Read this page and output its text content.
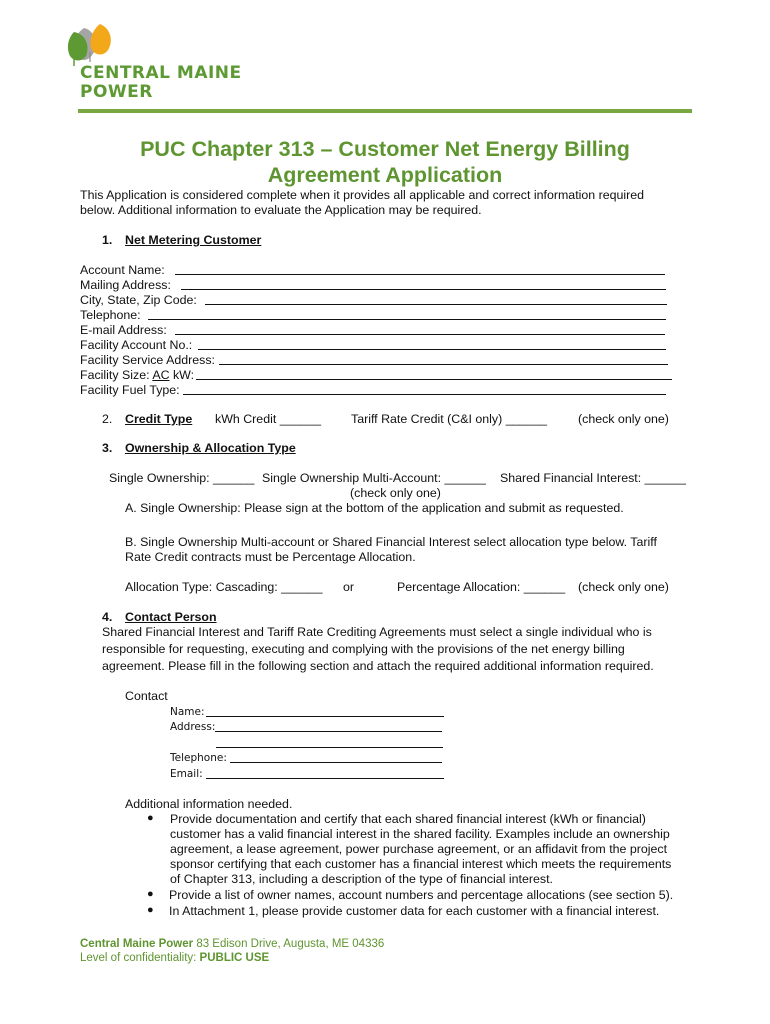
CENTRAL MAINE
POWER
PUC Chapter 313 – Customer Net Energy Billing
Agreement Application
This Application is considered complete when it provides all applicable and correct information required
below. Additional information to evaluate the Application may be required.
1. Net Metering Customer
Account Name:
Mailing Address:
City, State, Zip Code:
Telephone:
E-mail Address:
Facility Account No.:
Facility Service Address:
Facility Size: AC kW:
Facility Fuel Type:
2. Credit Type kWh Credit ______ Tariff Rate Credit (C&I only) ______ (check only one)
3. Ownership & Allocation Type
Single Ownership: ______ Single Ownership Multi-Account: ______ Shared Financial Interest: ______
(check only one)
A. Single Ownership: Please sign at the bottom of the application and submit as requested.
B. Single Ownership Multi-account or Shared Financial Interest select allocation type below. Tariff
Rate Credit contracts must be Percentage Allocation.
Allocation Type: Cascading: ______ or	Percentage Allocation: ______ (check only one)
4. Contact Person
Shared Financial Interest and Tariff Rate Crediting Agreements must select a single individual who is
responsible for requesting, executing and complying with the provisions of the net energy billing
agreement. Please fill in the following section and attach the required additional information required.
Contact
Name:
Address:
Telephone:
Email:
Additional information needed.
● Provide documentation and certify that each shared financial interest (kWh or financial)
customer has a valid financial interest in the shared facility. Examples include an ownership
agreement, a lease agreement, power purchase agreement, or an affidavit from the project
sponsor certifying that each customer has a financial interest which meets the requirements
of Chapter 313, including a description of the type of financial interest.
● Provide a list of owner names, account numbers and percentage allocations (see section 5).
● In Attachment 1, please provide customer data for each customer with a financial interest.
Central Maine Power 83 Edison Drive, Augusta, ME 04336
Level of confidentiality: PUBLIC USE
